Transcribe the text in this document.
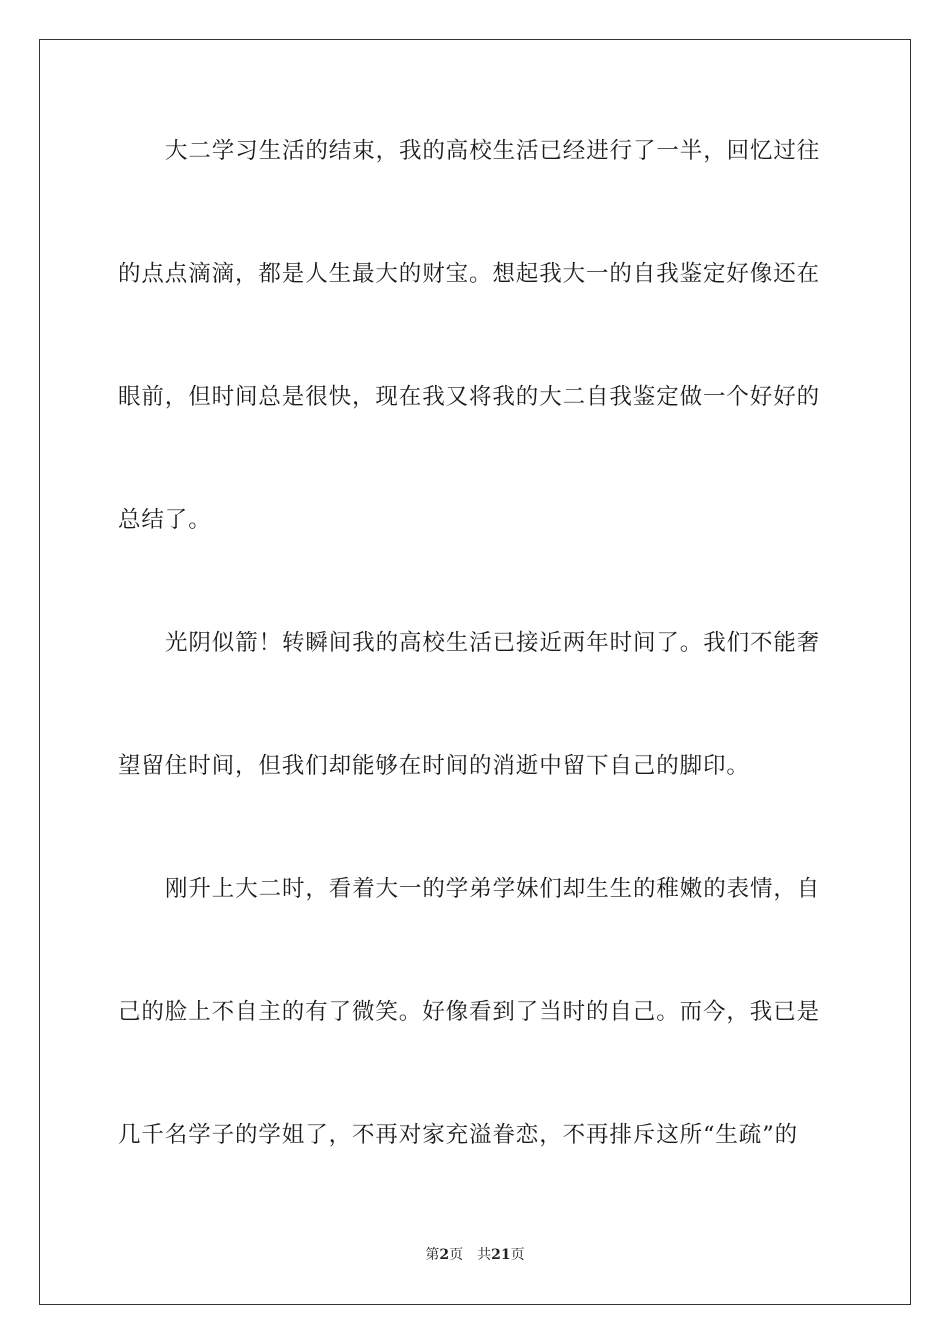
大二学习生活的结束，我的高校生活已经进行了一半，回忆过往
的点点滴滴，都是人生最大的财宝。想起我大一的自我鉴定好像还在
眼前，但时间总是很快，现在我又将我的大二自我鉴定做一个好好的
总结了。
光阴似箭！转瞬间我的高校生活已接近两年时间了。我们不能奢
望留住时间，但我们却能够在时间的消逝中留下自己的脚印。
刚升上大二时，看着大一的学弟学妹们却生生的稚嫩的表情，自
己的脸上不自主的有了微笑。好像看到了当时的自己。而今，我已是
几千名学子的学姐了，不再对家充溢眷恋，不再排斥这所“生疏”的
第2页 共21页
